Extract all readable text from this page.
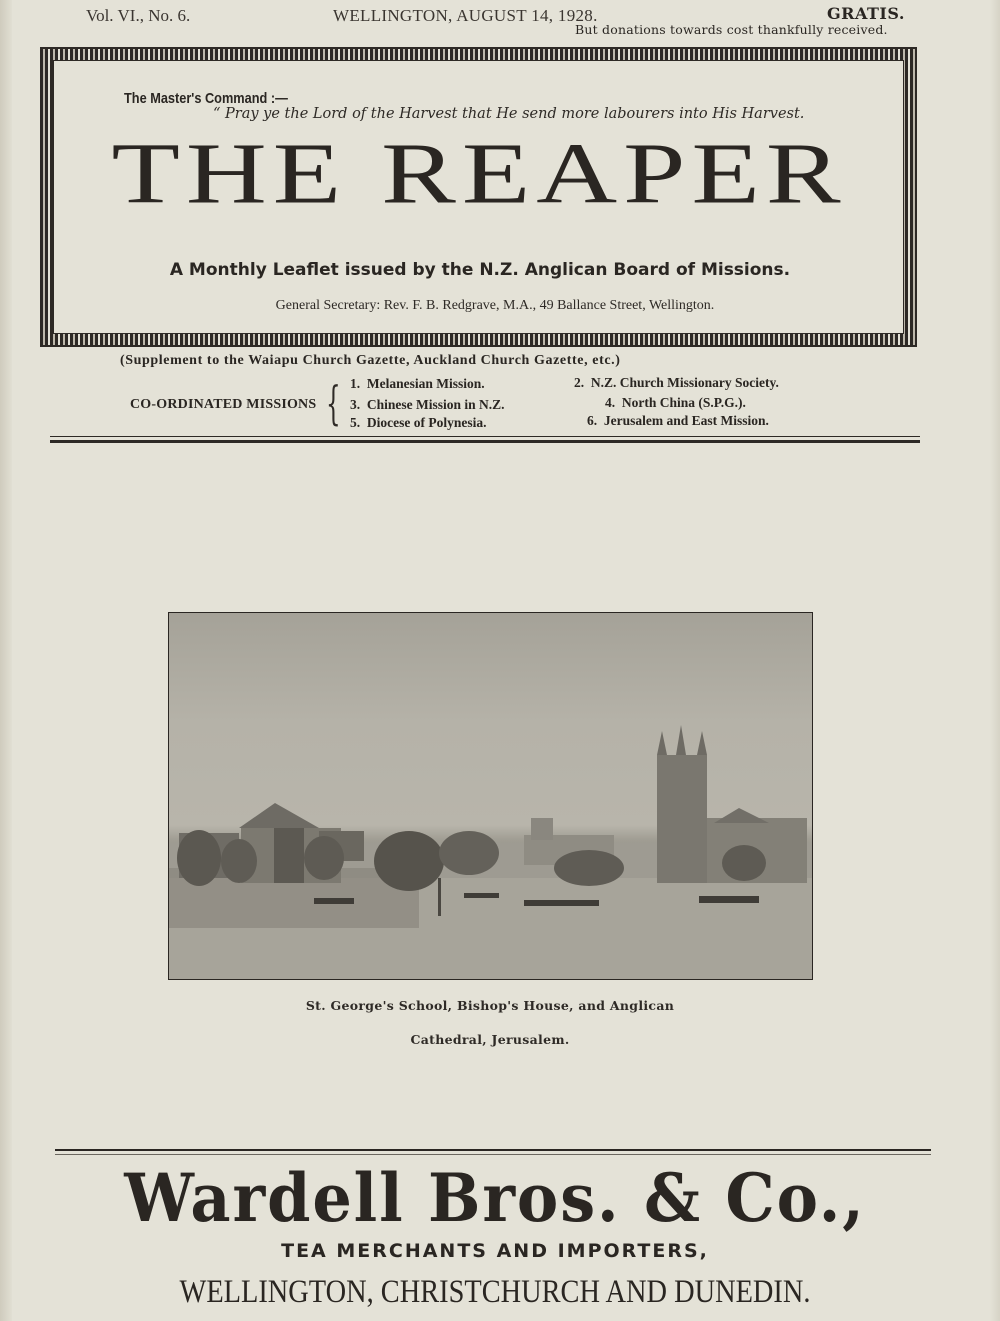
Vol. VI., No. 6.	WELLINGTON, AUGUST 14, 1928.	GRATIS.
But donations towards cost thankfully received.
The Master's Command :—
“ Pray ye the Lord of the Harvest that He send more labourers into His Harvest.
THE REAPER
A Monthly Leaflet issued by the N.Z. Anglican Board of Missions.
General Secretary: Rev. F. B. Redgrave, M.A., 49 Ballance Street, Wellington.
(Supplement to the Waiapu Church Gazette, Auckland Church Gazette, etc.)
CO-ORDINATED MISSIONS { 1. Melanesian Mission.	2. N.Z. Church Missionary Society.
3. Chinese Mission in N.Z.	4. North China (S.P.G.).
5. Diocese of Polynesia.	6. Jerusalem and East Mission.
St. George's School, Bishop's House, and Anglican
Cathedral, Jerusalem.
Wardell Bros. & Co.,
TEA MERCHANTS AND IMPORTERS,
WELLINGTON, CHRISTCHURCH AND DUNEDIN.
